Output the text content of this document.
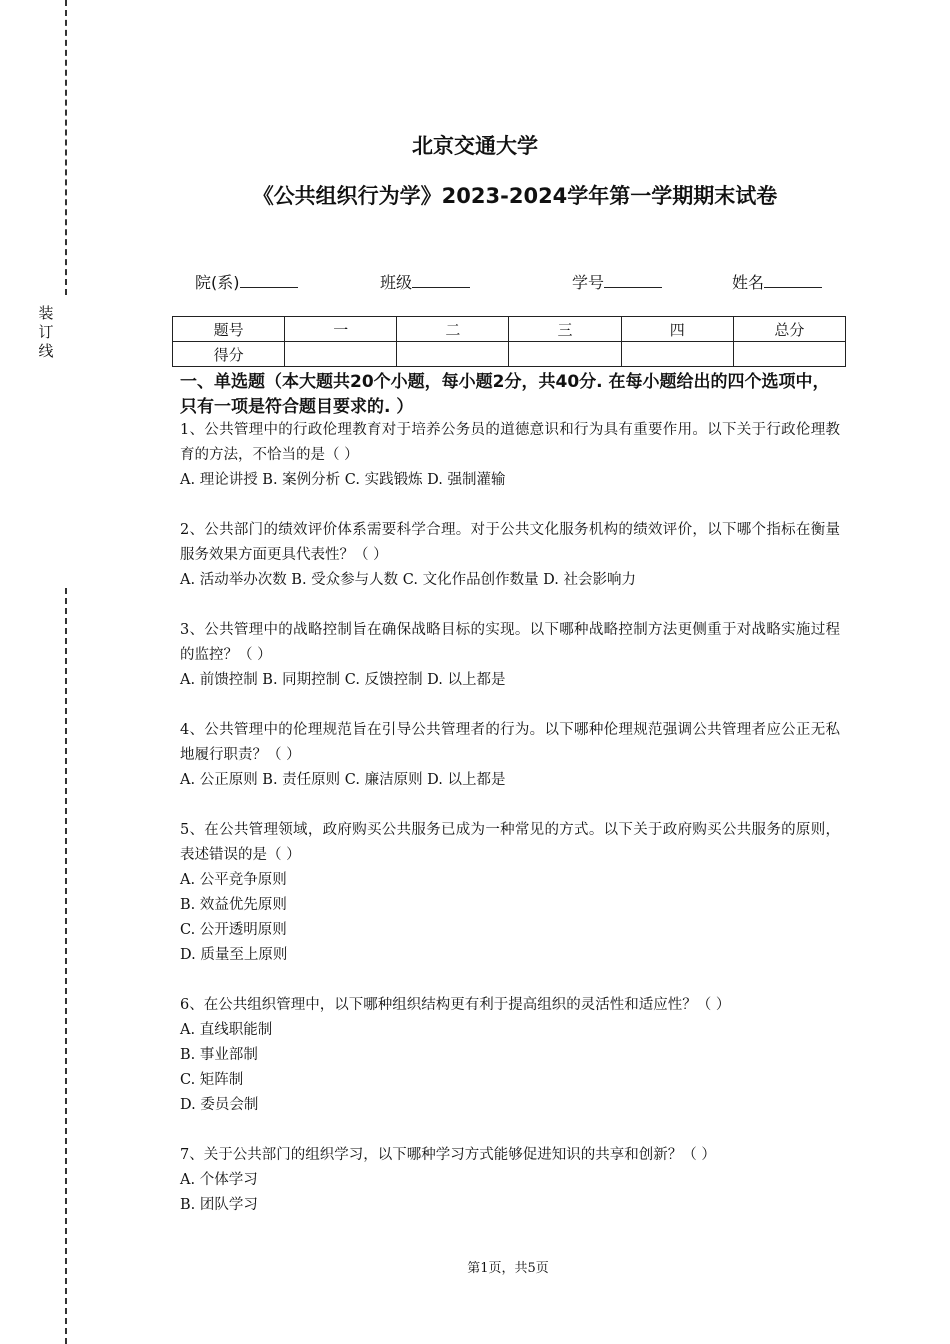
装订线
北京交通大学
《公共组织行为学》2023-2024学年第一学期期末试卷
院(系)	班级	学号	姓名
题号	一	二	三	四	总分
得分					
一、单选题（本大题共20个小题，每小题2分，共40分. 在每小题给出的四个选项中，只有一项是符合题目要求的. ）
1、公共管理中的行政伦理教育对于培养公务员的道德意识和行为具有重要作用。以下关于行政伦理教育的方法，不恰当的是（ ）
A. 理论讲授 B. 案例分析 C. 实践锻炼 D. 强制灌输
2、公共部门的绩效评价体系需要科学合理。对于公共文化服务机构的绩效评价，以下哪个指标在衡量服务效果方面更具代表性？（ ）
A. 活动举办次数 B. 受众参与人数 C. 文化作品创作数量 D. 社会影响力
3、公共管理中的战略控制旨在确保战略目标的实现。以下哪种战略控制方法更侧重于对战略实施过程的监控？（ ）
A. 前馈控制 B. 同期控制 C. 反馈控制 D. 以上都是
4、公共管理中的伦理规范旨在引导公共管理者的行为。以下哪种伦理规范强调公共管理者应公正无私地履行职责？（ ）
A. 公正原则 B. 责任原则 C. 廉洁原则 D. 以上都是
5、在公共管理领域，政府购买公共服务已成为一种常见的方式。以下关于政府购买公共服务的原则，表述错误的是（ ）
A. 公平竞争原则
B. 效益优先原则
C. 公开透明原则
D. 质量至上原则
6、在公共组织管理中，以下哪种组织结构更有利于提高组织的灵活性和适应性？（ ）
A. 直线职能制
B. 事业部制
C. 矩阵制
D. 委员会制
7、关于公共部门的组织学习，以下哪种学习方式能够促进知识的共享和创新？（ ）
A. 个体学习
B. 团队学习
第1页，共5页
